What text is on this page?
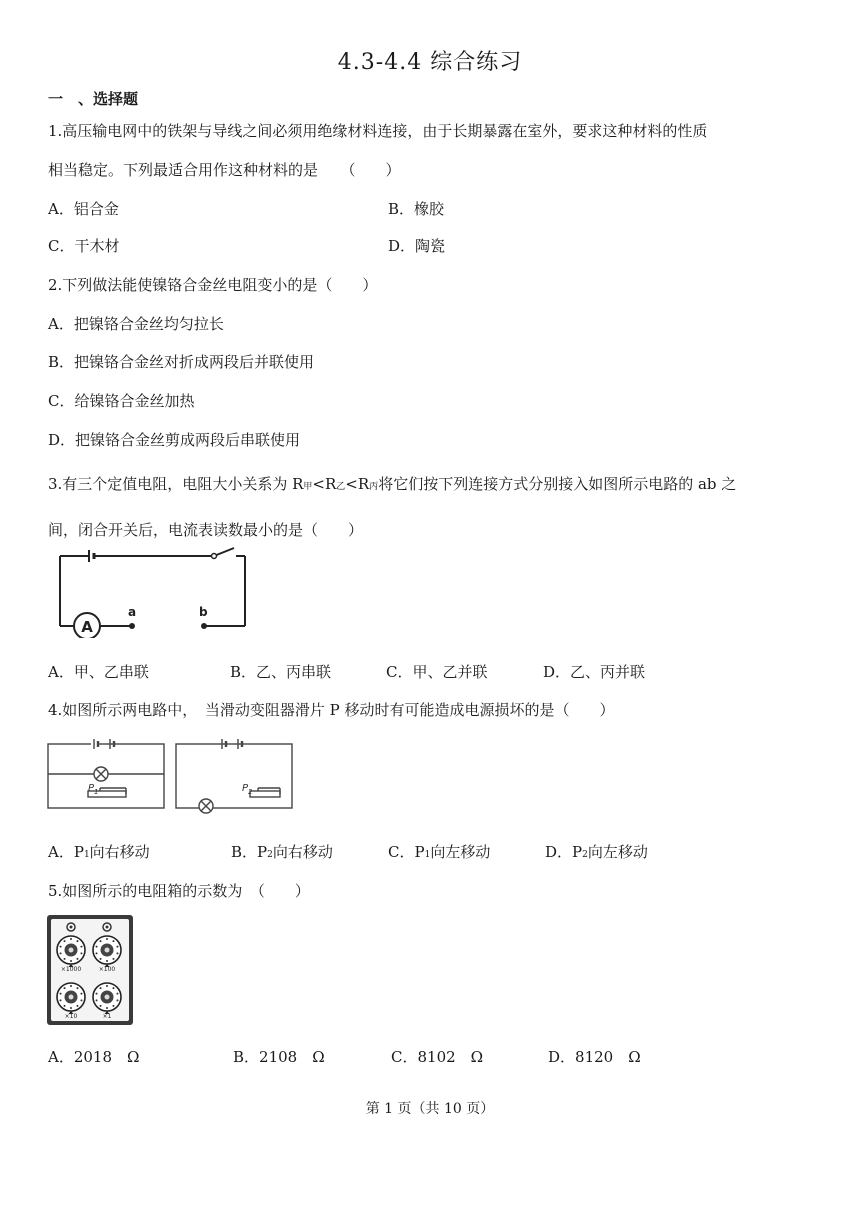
4.3-4.4 综合练习
一　、选择题
1.高压输电网中的铁架与导线之间必须用绝缘材料连接，由于长期暴露在室外，要求这种材料的性质
相当稳定。下列最适合用作这种材料的是　　（　　）
A．铝合金	B．橡胶
C．干木材	D．陶瓷
2.下列做法能使镍铬合金丝电阻变小的是（　　）
A．把镍铬合金丝均匀拉长
B．把镍铬合金丝对折成两段后并联使用
C．给镍铬合金丝加热
D．把镍铬合金丝剪成两段后串联使用
3.有三个定值电阻，电阻大小关系为 R甲<R乙<R丙将它们按下列连接方式分别接入如图所示电路的 ab 之
间，闭合开关后，电流表读数最小的是（　　）
A
a	b
A．甲、乙串联	B．乙、丙串联	C．甲、乙并联	D．乙、丙并联
4.如图所示两电路中，　当滑动变阻器滑片 P 移动时有可能造成电源损坏的是（　　）
$P_1$	$P_2$
A．P1向右移动	B．P2向右移动	C．P1向左移动	D．P2向左移动
5.如图所示的电阻箱的示数为　（　　）
×1000	×100
×10	×1
A．2018　Ω	B．2108　Ω	C．8102　Ω	D．8120　Ω
第 1 页（共 10 页）
